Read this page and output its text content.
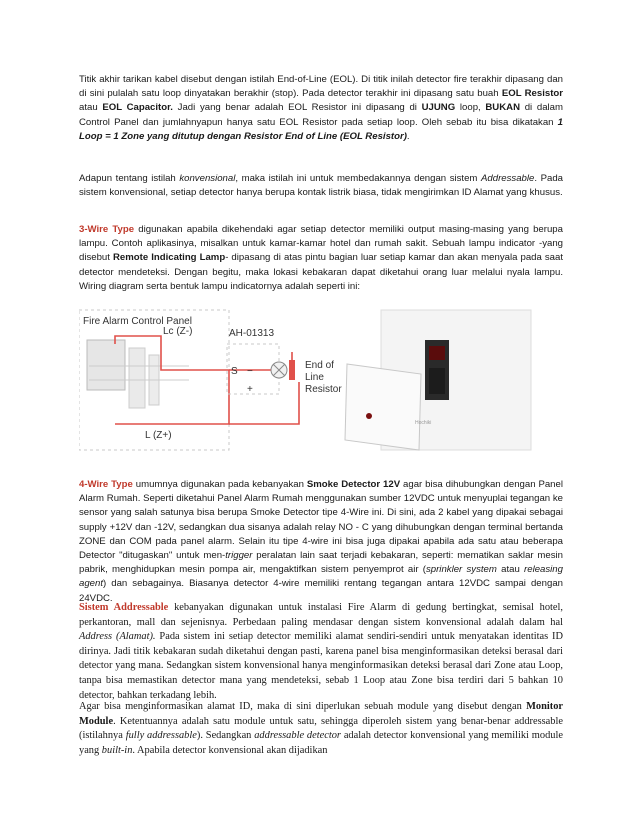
Titik akhir tarikan kabel disebut dengan istilah End-of-Line (EOL). Di titik inilah detector fire terakhir dipasang dan di sini pulalah satu loop dinyatakan berakhir (stop). Pada detector terakhir ini dipasang satu buah EOL Resistor atau EOL Capacitor. Jadi yang benar adalah EOL Resistor ini dipasang di UJUNG loop, BUKAN di dalam Control Panel dan jumlahnyapun hanya satu EOL Resistor pada setiap loop. Oleh sebab itu bisa dikatakan 1 Loop = 1 Zone yang ditutup dengan Resistor End of Line (EOL Resistor).

Adapun tentang istilah konvensional, maka istilah ini untuk membedakannya dengan sistem Addressable. Pada sistem konvensional, setiap detector hanya berupa kontak listrik biasa, tidak mengirimkan ID Alamat yang khusus.

3-Wire Type digunakan apabila dikehendaki agar setiap detector memiliki output masing-masing yang berupa lampu. Contoh aplikasinya, misalkan untuk kamar-kamar hotel dan rumah sakit. Sebuah lampu indicator -yang disebut Remote Indicating Lamp- dipasang di atas pintu bagian luar setiap kamar dan akan menyala pada saat detector mendeteksi. Dengan begitu, maka lokasi kebakaran dapat diketahui orang luar melalui nyala lampu. Wiring diagram serta bentuk lampu indicatornya adalah seperti ini:

Fire Alarm Control Panel
Lc (Z-)
L (Z+)
AH-01313
S −
+
End of
Line
Resistor
Hochiki

4-Wire Type umumnya digunakan pada kebanyakan Smoke Detector 12V agar bisa dihubungkan dengan Panel Alarm Rumah. Seperti diketahui Panel Alarm Rumah menggunakan sumber 12VDC untuk menyuplai tegangan ke sensor yang salah satunya bisa berupa Smoke Detector tipe 4-Wire ini. Di sini, ada 2 kabel yang dipakai sebagai supply +12V dan -12V, sedangkan dua sisanya adalah relay NO - C yang dihubungkan dengan terminal bertanda ZONE dan COM pada panel alarm. Selain itu tipe 4-wire ini bisa juga dipakai apabila ada satu atau beberapa Detector "ditugaskan" untuk men-trigger peralatan lain saat terjadi kebakaran, seperti: mematikan saklar mesin pabrik, menghidupkan mesin pompa air, mengaktifkan sistem penyemprot air (sprinkler system atau releasing agent) dan sebagainya. Biasanya detector 4-wire memiliki rentang tegangan antara 12VDC sampai dengan 24VDC.

Sistem Addressable kebanyakan digunakan untuk instalasi Fire Alarm di gedung bertingkat, semisal hotel, perkantoran, mall dan sejenisnya. Perbedaan paling mendasar dengan sistem konvensional adalah dalam hal Address (Alamat). Pada sistem ini setiap detector memiliki alamat sendiri-sendiri untuk menyatakan identitas ID dirinya. Jadi titik kebakaran sudah diketahui dengan pasti, karena panel bisa menginformasikan deteksi berasal dari detector yang mana. Sedangkan sistem konvensional hanya menginformasikan deteksi berasal dari Zone atau Loop, tanpa bisa memastikan detector mana yang mendeteksi, sebab 1 Loop atau Zone bisa terdiri dari 5 bahkan 10 detector, bahkan terkadang lebih.

Agar bisa menginformasikan alamat ID, maka di sini diperlukan sebuah module yang disebut dengan Monitor Module. Ketentuannya adalah satu module untuk satu, sehingga diperoleh sistem yang benar-benar addressable (istilahnya fully addressable). Sedangkan addressable detector adalah detector konvensional yang memiliki module yang built-in. Apabila detector konvensional akan dijadikan
